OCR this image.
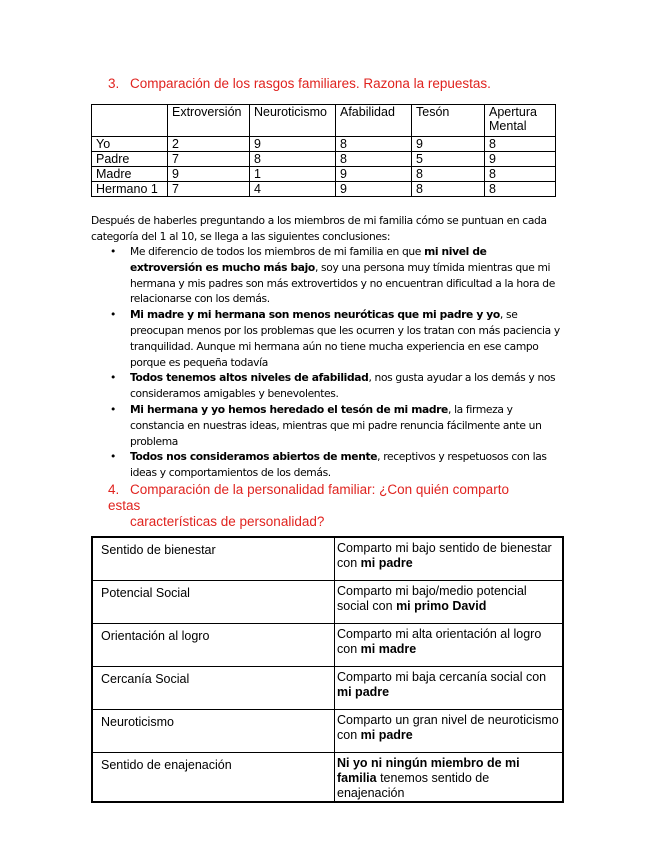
3. Comparación de los rasgos familiares. Razona la repuestas.
	Extroversión	Neuroticismo	Afabilidad	Tesón	Apertura Mental
Yo	2	9	8	9	8
Padre	7	8	8	5	9
Madre	9	1	9	8	8
Hermano 1	7	4	9	8	8
Después de haberles preguntando a los miembros de mi familia cómo se puntuan en cada
categoría del 1 al 10, se llega a las siguientes conclusiones:
• Me diferencio de todos los miembros de mi familia en que mi nivel de extroversión es mucho más bajo, soy una persona muy tímida mientras que mi hermana y mis padres son más extrovertidos y no encuentran dificultad a la hora de relacionarse con los demás.
• Mi madre y mi hermana son menos neuróticas que mi padre y yo, se preocupan menos por los problemas que les ocurren y los tratan con más paciencia y tranquilidad. Aunque mi hermana aún no tiene mucha experiencia en ese campo porque es pequeña todavía
• Todos tenemos altos niveles de afabilidad, nos gusta ayudar a los demás y nos consideramos amigables y benevolentes.
• Mi hermana y yo hemos heredado el tesón de mi madre, la firmeza y constancia en nuestras ideas, mientras que mi padre renuncia fácilmente ante un problema
• Todos nos consideramos abiertos de mente, receptivos y respetuosos con las ideas y comportamientos de los demás.
4. Comparación de la personalidad familiar: ¿Con quién comparto estas
características de personalidad?
Sentido de bienestar	Comparto mi bajo sentido de bienestar con mi padre
Potencial Social	Comparto mi bajo/medio potencial social con mi primo David
Orientación al logro	Comparto mi alta orientación al logro con mi madre
Cercanía Social	Comparto mi baja cercanía social con mi padre
Neuroticismo	Comparto un gran nivel de neuroticismo con mi padre
Sentido de enajenación	Ni yo ni ningún miembro de mi familia tenemos sentido de enajenación
